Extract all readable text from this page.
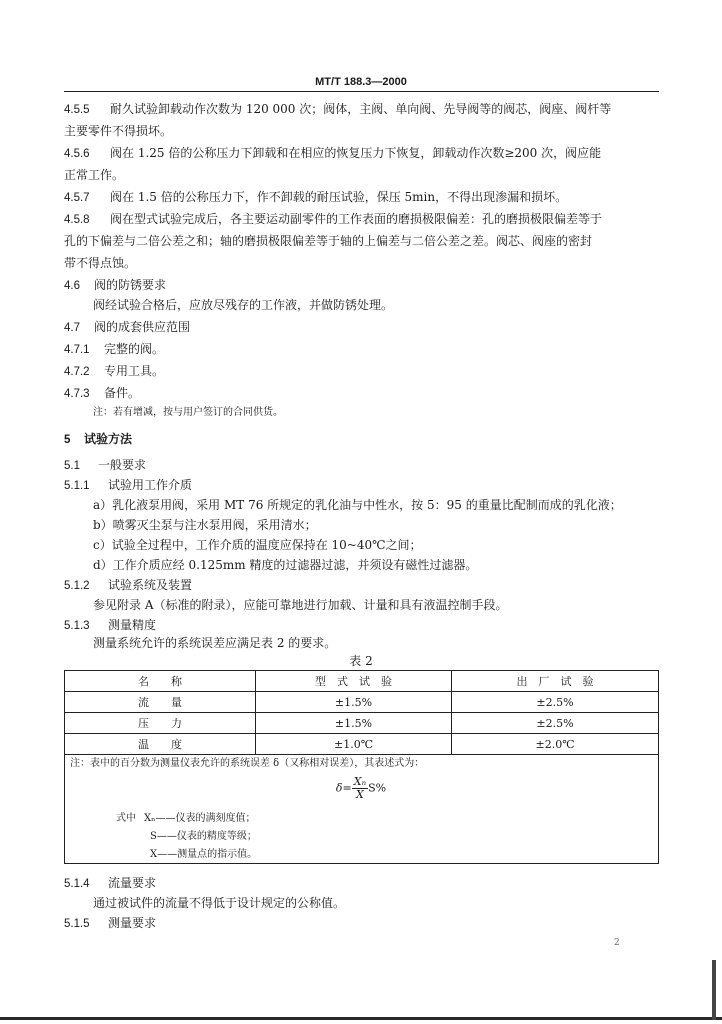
MT/T 188.3—2000
4.5.5 耐久试验卸载动作次数为 120 000 次；阀体，主阀、单向阀、先导阀等的阀芯，阀座、阀杆等
主要零件不得损坏。
4.5.6 阀在 1.25 倍的公称压力下卸载和在相应的恢复压力下恢复，卸载动作次数≥200 次，阀应能
正常工作。
4.5.7 阀在 1.5 倍的公称压力下，作不卸载的耐压试验，保压 5min，不得出现渗漏和损坏。
4.5.8 阀在型式试验完成后，各主要运动副零件的工作表面的磨损极限偏差：孔的磨损极限偏差等于
孔的下偏差与二倍公差之和；轴的磨损极限偏差等于轴的上偏差与二倍公差之差。阀芯、阀座的密封
带不得点蚀。
4.6 阀的防锈要求
阀经试验合格后，应放尽残存的工作液，并做防锈处理。
4.7 阀的成套供应范围
4.7.1 完整的阀。
4.7.2 专用工具。
4.7.3 备件。
注：若有增减，按与用户签订的合同供货。
5 试验方法
5.1 一般要求
5.1.1 试验用工作介质
a）乳化液泵用阀，采用 MT 76 所规定的乳化油与中性水，按 5：95 的重量比配制而成的乳化液；
b）喷雾灭尘泵与注水泵用阀，采用清水；
c）试验全过程中，工作介质的温度应保持在 10~40℃之间；
d）工作介质应经 0.125mm 精度的过滤器过滤，并须设有磁性过滤器。
5.1.2 试验系统及装置
参见附录 A（标准的附录），应能可靠地进行加载、计量和具有液温控制手段。
5.1.3 测量精度
测量系统允许的系统误差应满足表 2 的要求。
表 2
名　　称	型　式　试　验	出　厂　试　验
流　　量	±1.5%	±2.5%
压　　力	±1.5%	±2.5%
温　　度	±1.0℃	±2.0℃
注：表中的百分数为测量仪表允许的系统误差 δ（又称相对误差），其表述式为：
$\delta= \frac{\text{Xₙ}}{X} S\%$
式中 Xₙ——仪表的满刻度值；
S——仪表的精度等级；
X——测量点的指示值。
5.1.4 流量要求
通过被试件的流量不得低于设计规定的公称值。
5.1.5 测量要求
2
